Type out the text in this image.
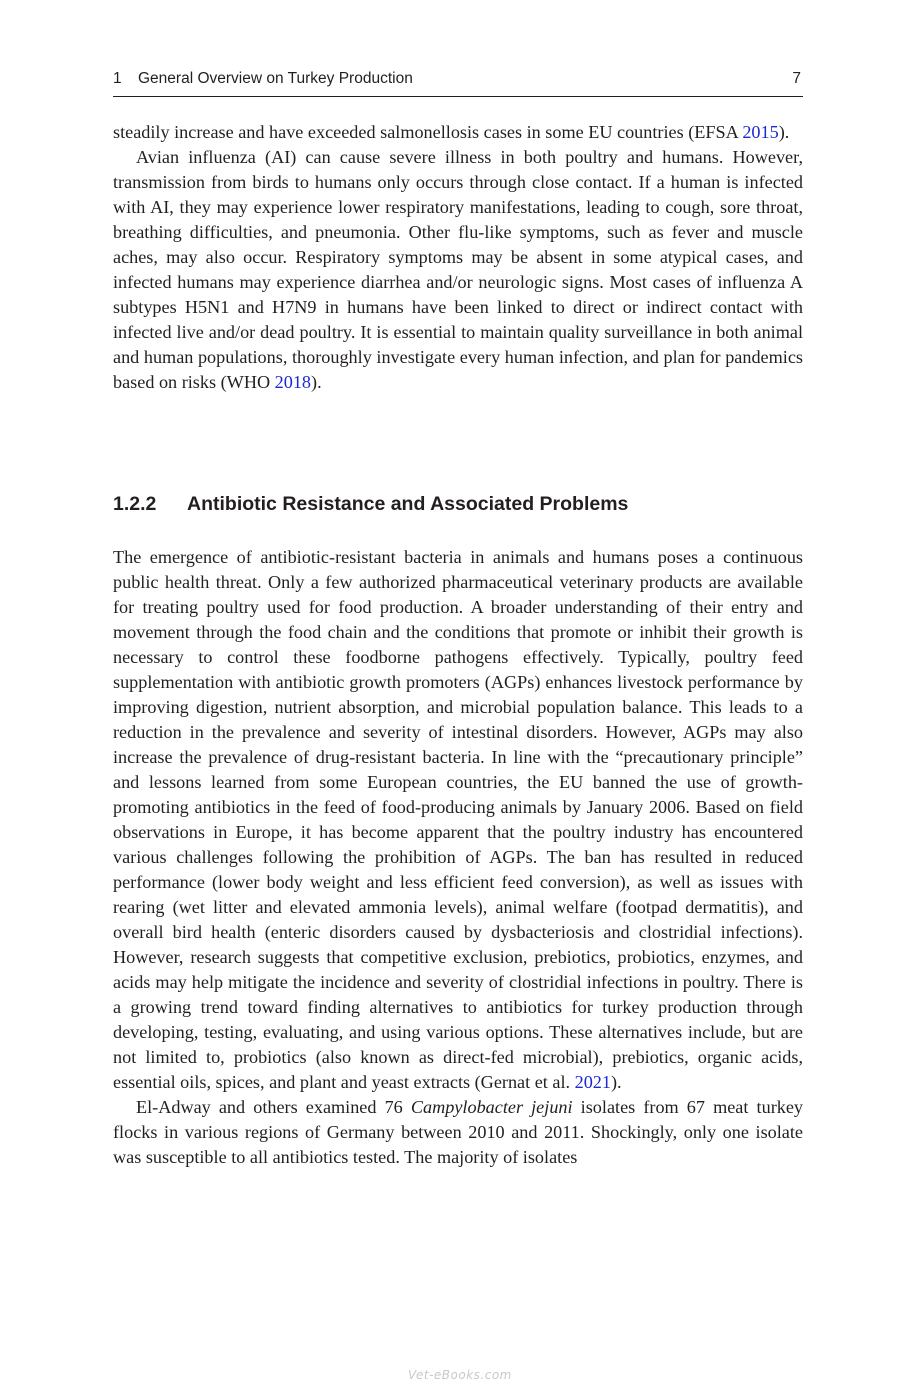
1 General Overview on Turkey Production	7

steadily increase and have exceeded salmonellosis cases in some EU countries (EFSA 2015).

Avian influenza (AI) can cause severe illness in both poultry and humans. However, transmission from birds to humans only occurs through close contact. If a human is infected with AI, they may experience lower respiratory manifestations, leading to cough, sore throat, breathing difficulties, and pneumonia. Other flu-like symptoms, such as fever and muscle aches, may also occur. Respiratory symptoms may be absent in some atypical cases, and infected humans may experience diarrhea and/or neurologic signs. Most cases of influenza A subtypes H5N1 and H7N9 in humans have been linked to direct or indirect contact with infected live and/or dead poultry. It is essential to maintain quality surveillance in both animal and human populations, thoroughly investigate every human infection, and plan for pandemics based on risks (WHO 2018).

1.2.2 Antibiotic Resistance and Associated Problems

The emergence of antibiotic-resistant bacteria in animals and humans poses a continuous public health threat. Only a few authorized pharmaceutical veterinary products are available for treating poultry used for food production. A broader understanding of their entry and movement through the food chain and the conditions that promote or inhibit their growth is necessary to control these foodborne pathogens effectively. Typically, poultry feed supplementation with antibiotic growth promoters (AGPs) enhances livestock performance by improving digestion, nutrient absorption, and microbial population balance. This leads to a reduction in the prevalence and severity of intestinal disorders. However, AGPs may also increase the prevalence of drug-resistant bacteria. In line with the “precautionary principle” and lessons learned from some European countries, the EU banned the use of growth-promoting antibiotics in the feed of food-producing animals by January 2006. Based on field observations in Europe, it has become apparent that the poultry industry has encountered various challenges following the prohibition of AGPs. The ban has resulted in reduced performance (lower body weight and less efficient feed conversion), as well as issues with rearing (wet litter and elevated ammonia levels), animal welfare (footpad dermatitis), and overall bird health (enteric disorders caused by dysbacteriosis and clostridial infections). However, research suggests that competitive exclusion, prebiotics, probiotics, enzymes, and acids may help mitigate the incidence and severity of clostridial infections in poultry. There is a growing trend toward finding alternatives to antibiotics for turkey production through developing, testing, evaluating, and using various options. These alternatives include, but are not limited to, probiotics (also known as direct-fed microbial), prebiotics, organic acids, essential oils, spices, and plant and yeast extracts (Gernat et al. 2021).

El-Adway and others examined 76 Campylobacter jejuni isolates from 67 meat turkey flocks in various regions of Germany between 2010 and 2011. Shockingly, only one isolate was susceptible to all antibiotics tested. The majority of isolates

Vet-eBooks.com
